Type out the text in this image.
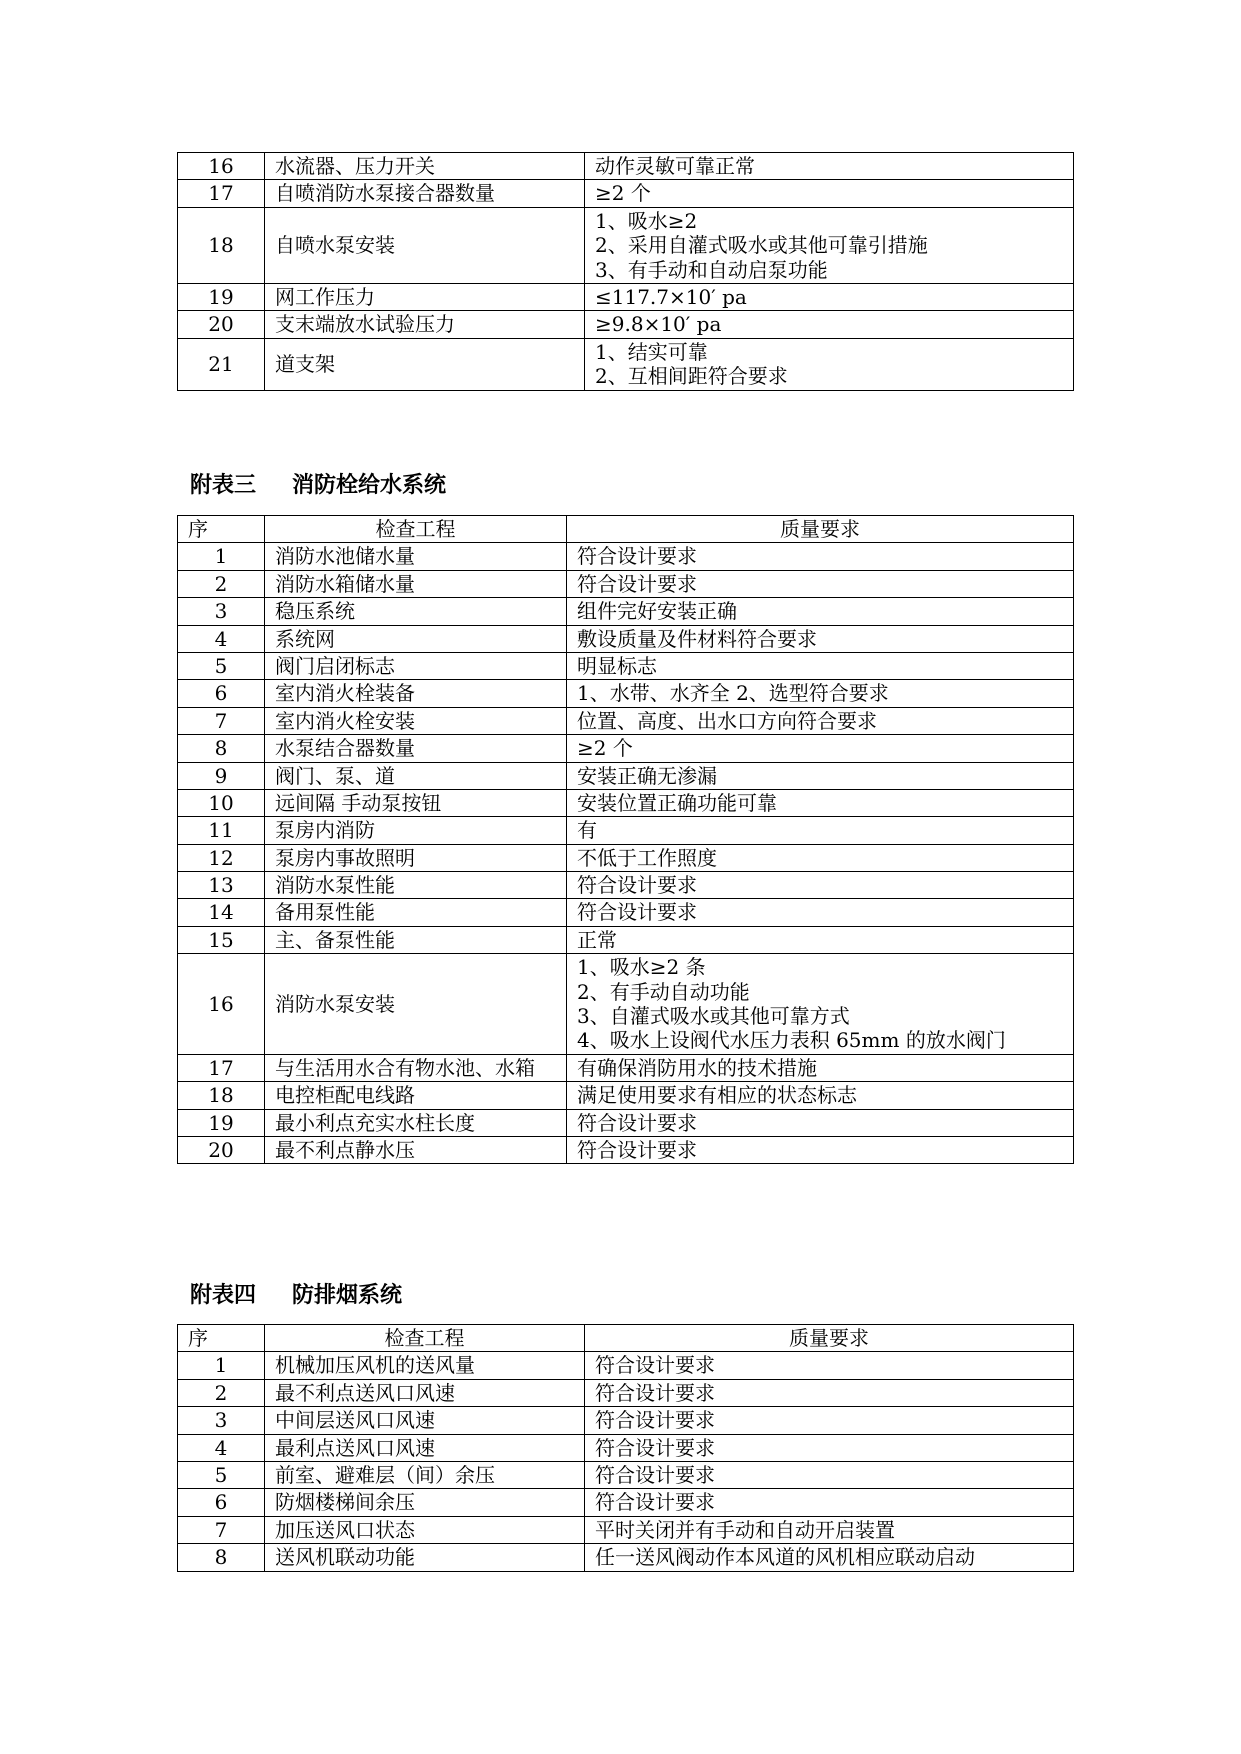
16	水流器、压力开关	动作灵敏可靠正常

17	自喷消防水泵接合器数量	≥2 个

18	自喷水泵安装	1、吸水≥2
2、采用自灌式吸水或其他可靠引措施
3、有手动和自动启泵功能

19	网工作压力	≤117.7×10′ pa

20	支末端放水试验压力	≥9.8×10′ pa

21	道支架	1、结实可靠
2、互相间距符合要求
附表三 消防栓给水系统
序	检查工程	质量要求
1	消防水池储水量	符合设计要求

2	消防水箱储水量	符合设计要求

3	稳压系统	组件完好安装正确

4	系统网	敷设质量及件材料符合要求

5	阀门启闭标志	明显标志

6	室内消火栓装备	1、水带、水齐全 2、选型符合要求

7	室内消火栓安装	位置、高度、出水口方向符合要求

8	水泵结合器数量	≥2 个

9	阀门、泵、道	安装正确无渗漏

10	远间隔 手动泵按钮	安装位置正确功能可靠

11	泵房内消防	有

12	泵房内事故照明	不低于工作照度

13	消防水泵性能	符合设计要求

14	备用泵性能	符合设计要求

15	主、备泵性能	正常

16	消防水泵安装	1、吸水≥2 条
2、有手动自动功能
3、自灌式吸水或其他可靠方式
4、吸水上设阀代水压力表积 65mm 的放水阀门

17	与生活用水合有物水池、水箱	有确保消防用水的技术措施

18	电控柜配电线路	满足使用要求有相应的状态标志

19	最小利点充实水柱长度	符合设计要求

20	最不利点静水压	符合设计要求
附表四 防排烟系统
序	检查工程	质量要求
1	机械加压风机的送风量	符合设计要求

2	最不利点送风口风速	符合设计要求

3	中间层送风口风速	符合设计要求

4	最利点送风口风速	符合设计要求

5	前室、避难层（间）余压	符合设计要求

6	防烟楼梯间余压	符合设计要求

7	加压送风口状态	平时关闭并有手动和自动开启装置

8	送风机联动功能	任一送风阀动作本风道的风机相应联动启动
